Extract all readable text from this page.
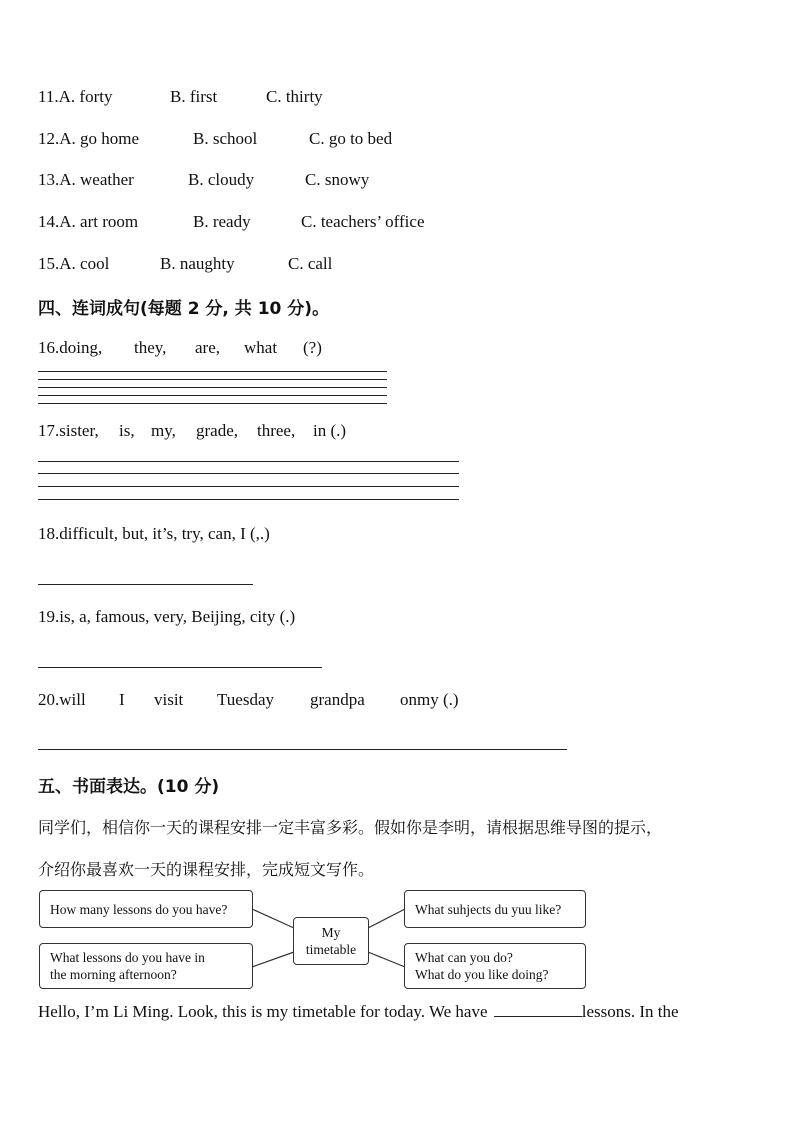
11.A. forty	B. first	C. thirty
12.A. go home	B. school	C. go to bed
13.A. weather	B. cloudy	C. snowy
14.A. art room	B. ready	C. teachers’ office
15.A. cool	B. naughty	C. call
四、连词成句(每题 2 分, 共 10 分)。
16.doing, they, are, what (?)
17.sister, is, my, grade, three, in (.)
18.difficult, but, it’s, try, can, I (,.)
19.is, a, famous, very, Beijing, city (.)
20.will I visit Tuesday grandpa onmy (.)
五、书面表达。(10 分)
同学们，相信你一天的课程安排一定丰富多彩。假如你是李明，请根据思维导图的提示，
介绍你最喜欢一天的课程安排，完成短文写作。
How many lessons do you have?
What lessons do you have in
the morning afternoon?
My
timetable
What suhjects du yuu like?
What can you do?
What do you like doing?
Hello, I’m Li Ming. Look, this is my timetable for today. We have	lessons. In the
